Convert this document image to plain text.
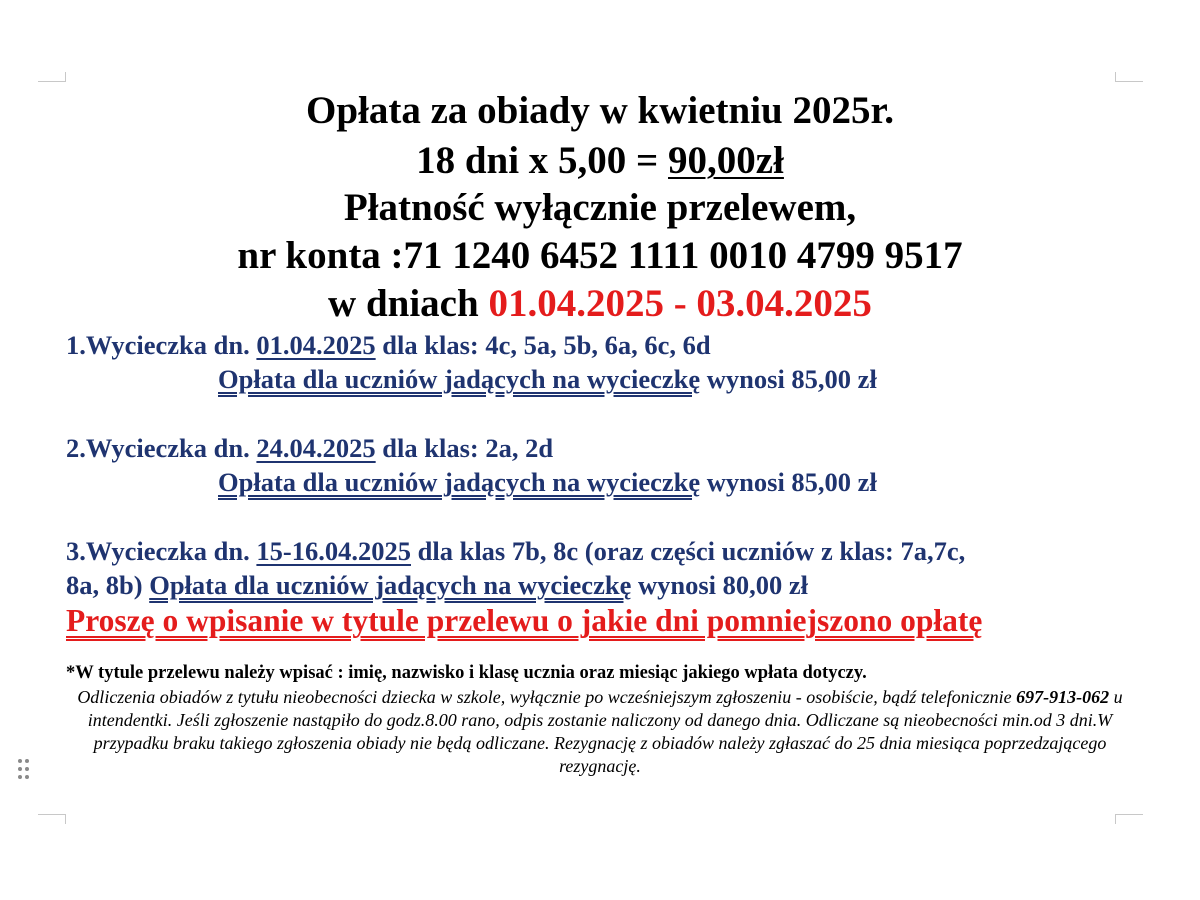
Opłata za obiady w kwietniu 2025r.

18 dni x 5,00 = 90,00zł

Płatność wyłącznie przelewem,

nr konta :71 1240 6452 1111 0010 4799 9517

w dniach 01.04.2025 - 03.04.2025

1.Wycieczka dn. 01.04.2025 dla klas: 4c, 5a, 5b, 6a, 6c, 6d

Opłata dla uczniów jadących na wycieczkę wynosi 85,00 zł

2.Wycieczka dn. 24.04.2025 dla klas: 2a, 2d

Opłata dla uczniów jadących na wycieczkę wynosi 85,00 zł

3.Wycieczka dn. 15-16.04.2025 dla klas 7b, 8c (oraz części uczniów z klas: 7a,7c,

8a, 8b) Opłata dla uczniów jadących na wycieczkę wynosi 80,00 zł

Proszę o wpisanie w tytule przelewu o jakie dni pomniejszono opłatę

*W tytule przelewu należy wpisać : imię, nazwisko i klasę ucznia oraz miesiąc jakiego wpłata dotyczy.

Odliczenia obiadów z tytułu nieobecności dziecka w szkole, wyłącznie po wcześniejszym zgłoszeniu - osobiście, bądź telefonicznie 697-913-062 u intendentki. Jeśli zgłoszenie nastąpiło do godz.8.00 rano, odpis zostanie naliczony od danego dnia. Odliczane są nieobecności min.od 3 dni.W przypadku braku takiego zgłoszenia obiady nie będą odliczane. Rezygnację z obiadów należy zgłaszać do 25 dnia miesiąca poprzedzającego rezygnację.
